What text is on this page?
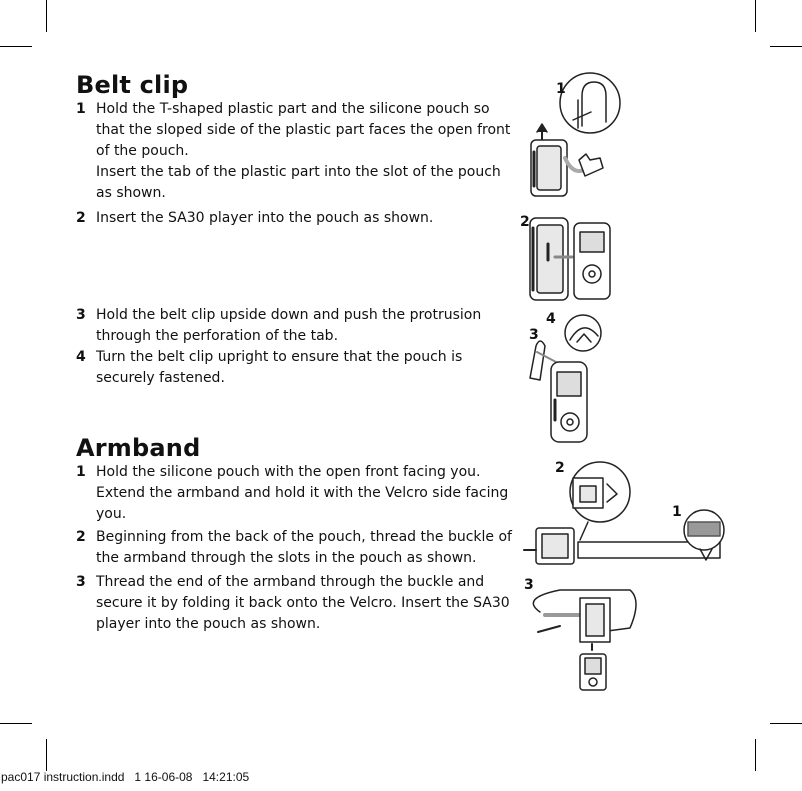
Belt clip
1 Hold the T-shaped plastic part and the silicone pouch so
that the sloped side of the plastic part faces the open front
of the pouch.
Insert the tab of the plastic part into the slot of the pouch
as shown.
2 Insert the SA30 player into the pouch as shown.
3 Hold the belt clip upside down and push the protrusion
through the perforation of the tab.
4 Turn the belt clip upright to ensure that the pouch is
securely fastened.
Armband
1 Hold the silicone pouch with the open front facing you.
Extend the armband and hold it with the Velcro side facing
you.
2 Beginning from the back of the pouch, thread the buckle of
the armband through the slots in the pouch as shown.
3 Thread the end of the armband through the buckle and
secure it by folding it back onto the Velcro. Insert the SA30
player into the pouch as shown.
1
2
3
4
2
1
3
pac017 instruction.indd   1 16-06-08   14:21:05
